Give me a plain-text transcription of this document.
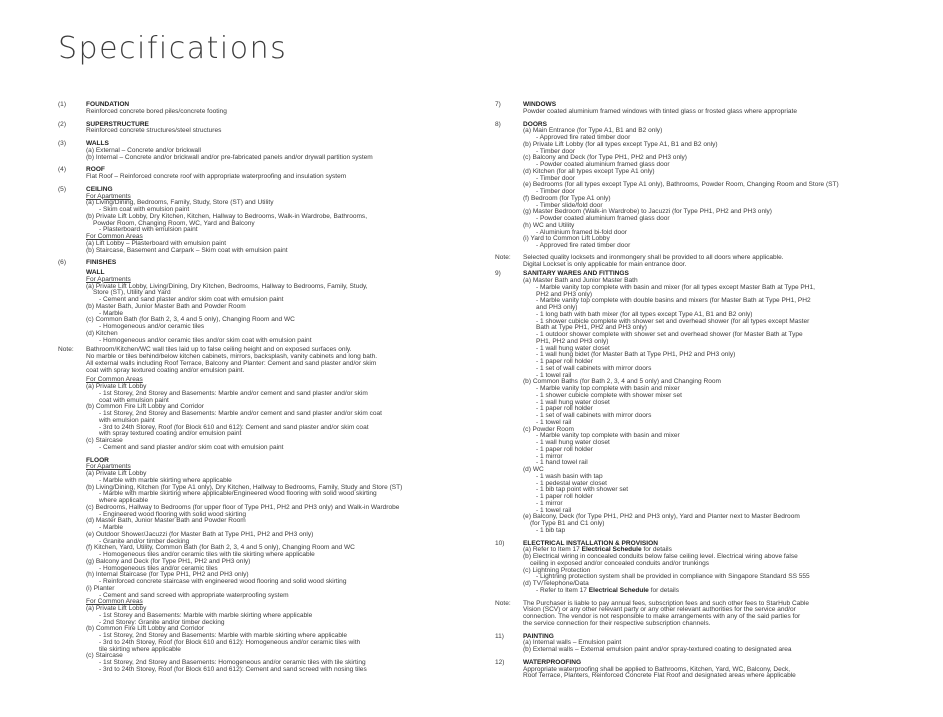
Specifications
(1)	FOUNDATION
Reinforced concrete bored piles/concrete footing
(2)	SUPERSTRUCTURE
Reinforced concrete structures/steel structures
(3)	WALLS
(a) External – Concrete and/or brickwall
(b) Internal – Concrete and/or brickwall and/or pre-fabricated panels and/or drywall partition system
(4)	ROOF
Flat Roof – Reinforced concrete roof with appropriate waterproofing and insulation system
(5)	CEILING
For Apartments
(a) Living/Dining, Bedrooms, Family, Study, Store (ST) and Utility
- Skim coat with emulsion paint
(b) Private Lift Lobby, Dry Kitchen, Kitchen, Hallway to Bedrooms, Walk-in Wardrobe, Bathrooms,
Powder Room, Changing Room, WC, Yard and Balcony
- Plasterboard with emulsion paint
For Common Areas
(a) Lift Lobby – Plasterboard with emulsion paint
(b) Staircase, Basement and Carpark – Skim coat with emulsion paint
(6)	FINISHES
WALL
For Apartments
(a) Private Lift Lobby, Living/Dining, Dry Kitchen, Bedrooms, Hallway to Bedrooms, Family, Study,
Store (ST), Utility and Yard
- Cement and sand plaster and/or skim coat with emulsion paint
(b) Master Bath, Junior Master Bath and Powder Room
- Marble
(c) Common Bath (for Bath 2, 3, 4 and 5 only), Changing Room and WC
- Homogeneous and/or ceramic tiles
(d) Kitchen
- Homogeneous and/or ceramic tiles and/or skim coat with emulsion paint
Note:	Bathroom/Kitchen/WC wall tiles laid up to false ceiling height and on exposed surfaces only.
No marble or tiles behind/below kitchen cabinets, mirrors, backsplash, vanity cabinets and long bath.
All external walls including Roof Terrace, Balcony and Planter: Cement and sand plaster and/or skim
coat with spray textured coating and/or emulsion paint.
For Common Areas
(a) Private Lift Lobby
- 1st Storey, 2nd Storey and Basements: Marble and/or cement and sand plaster and/or skim
coat with emulsion paint
(b) Common Fire Lift Lobby and Corridor
- 1st Storey, 2nd Storey and Basements: Marble and/or cement and sand plaster and/or skim coat
with emulsion paint
- 3rd to 24th Storey, Roof (for Block 610 and 612): Cement and sand plaster and/or skim coat
with spray textured coating and/or emulsion paint
(c) Staircase
- Cement and sand plaster and/or skim coat with emulsion paint
FLOOR
For Apartments
(a) Private Lift Lobby
- Marble with marble skirting where applicable
(b) Living/Dining, Kitchen (for Type A1 only), Dry Kitchen, Hallway to Bedrooms, Family, Study and Store (ST)
- Marble with marble skirting where applicable/Engineered wood flooring with solid wood skirting
where applicable
(c) Bedrooms, Hallway to Bedrooms (for upper floor of Type PH1, PH2 and PH3 only) and Walk-in Wardrobe
- Engineered wood flooring with solid wood skirting
(d) Master Bath, Junior Master Bath and Powder Room
- Marble
(e) Outdoor Shower/Jacuzzi (for Master Bath at Type PH1, PH2 and PH3 only)
- Granite and/or timber decking
(f) Kitchen, Yard, Utility, Common Bath (for Bath 2, 3, 4 and 5 only), Changing Room and WC
- Homogeneous tiles and/or ceramic tiles with tile skirting where applicable
(g) Balcony and Deck (for Type PH1, PH2 and PH3 only)
- Homogeneous tiles and/or ceramic tiles
(h) Internal Staircase (for Type PH1, PH2 and PH3 only)
- Reinforced concrete staircase with engineered wood flooring and solid wood skirting
(i) Planter
- Cement and sand screed with appropriate waterproofing system
For Common Areas
(a) Private Lift Lobby
- 1st Storey and Basements: Marble with marble skirting where applicable
- 2nd Storey: Granite and/or timber decking
(b) Common Fire Lift Lobby and Corridor
- 1st Storey, 2nd Storey and Basements: Marble with marble skirting where applicable
- 3rd to 24th Storey, Roof (for Block 610 and 612): Homogeneous and/or ceramic tiles with
tile skirting where applicable
(c) Staircase
- 1st Storey, 2nd Storey and Basements: Homogeneous and/or ceramic tiles with tile skirting
- 3rd to 24th Storey, Roof (for Block 610 and 612): Cement and sand screed with nosing tiles
7)	WINDOWS
Powder coated aluminium framed windows with tinted glass or frosted glass where appropriate
8)	DOORS
(a) Main Entrance (for Type A1, B1 and B2 only)
- Approved fire rated timber door
(b) Private Lift Lobby (for all types except Type A1, B1 and B2 only)
- Timber door
(c) Balcony and Deck (for Type PH1, PH2 and PH3 only)
- Powder coated aluminium framed glass door
(d) Kitchen (for all types except Type A1 only)
- Timber door
(e) Bedrooms (for all types except Type A1 only), Bathrooms, Powder Room, Changing Room and Store (ST)
- Timber door
(f) Bedroom (for Type A1 only)
- Timber slide/fold door
(g) Master Bedroom (Walk-in Wardrobe) to Jacuzzi (for Type PH1, PH2 and PH3 only)
- Powder coated aluminium framed glass door
(h) WC and Utility
- Aluminium framed bi-fold door
(i) Yard to Common Lift Lobby
- Approved fire rated timber door
Note:	Selected quality locksets and ironmongery shall be provided to all doors where applicable.
Digital Lockset is only applicable for main entrance door.
9)	SANITARY WARES AND FITTINGS
(a) Master Bath and Junior Master Bath
- Marble vanity top complete with basin and mixer (for all types except Master Bath at Type PH1,
PH2 and PH3 only)
- Marble vanity top complete with double basins and mixers (for Master Bath at Type PH1, PH2
and PH3 only)
- 1 long bath with bath mixer (for all types except Type A1, B1 and B2 only)
- 1 shower cubicle complete with shower set and overhead shower (for all types except Master
Bath at Type PH1, PH2 and PH3 only)
- 1 outdoor shower complete with shower set and overhead shower (for Master Bath at Type
PH1, PH2 and PH3 only)
- 1 wall hung water closet
- 1 wall hung bidet (for Master Bath at Type PH1, PH2 and PH3 only)
- 1 paper roll holder
- 1 set of wall cabinets with mirror doors
- 1 towel rail
(b) Common Baths (for Bath 2, 3, 4 and 5 only) and Changing Room
- Marble vanity top complete with basin and mixer
- 1 shower cubicle complete with shower mixer set
- 1 wall hung water closet
- 1 paper roll holder
- 1 set of wall cabinets with mirror doors
- 1 towel rail
(c) Powder Room
- Marble vanity top complete with basin and mixer
- 1 wall hung water closet
- 1 paper roll holder
- 1 mirror
- 1 hand towel rail
(d) WC
- 1 wash basin with tap
- 1 pedestal water closet
- 1 bib tap point with shower set
- 1 paper roll holder
- 1 mirror
- 1 towel rail
(e) Balcony, Deck (for Type PH1, PH2 and PH3 only), Yard and Planter next to Master Bedroom
(for Type B1 and C1 only)
- 1 bib tap
10)	ELECTRICAL INSTALLATION & PROVISION
(a) Refer to Item 17 Electrical Schedule for details
(b) Electrical wiring in concealed conduits below false ceiling level. Electrical wiring above false
ceiling in exposed and/or concealed conduits and/or trunkings
(c) Lightning Protection
- Lightning protection system shall be provided in compliance with Singapore Standard SS 555
(d) TV/Telephone/Data
- Refer to Item 17 Electrical Schedule for details
Note:	The Purchaser is liable to pay annual fees, subscription fees and such other fees to StarHub Cable
Vision (SCV) or any other relevant party or any other relevant authorities for the service and/or
connection. The vendor is not responsible to make arrangements with any of the said parties for
the service connection for their respective subscription channels.
11)	PAINTING
(a) Internal walls – Emulsion paint
(b) External walls – External emulsion paint and/or spray-textured coating to designated area
12)	WATERPROOFING
Appropriate waterproofing shall be applied to Bathrooms, Kitchen, Yard, WC, Balcony, Deck,
Roof Terrace, Planters, Reinforced Concrete Flat Roof and designated areas where applicable
